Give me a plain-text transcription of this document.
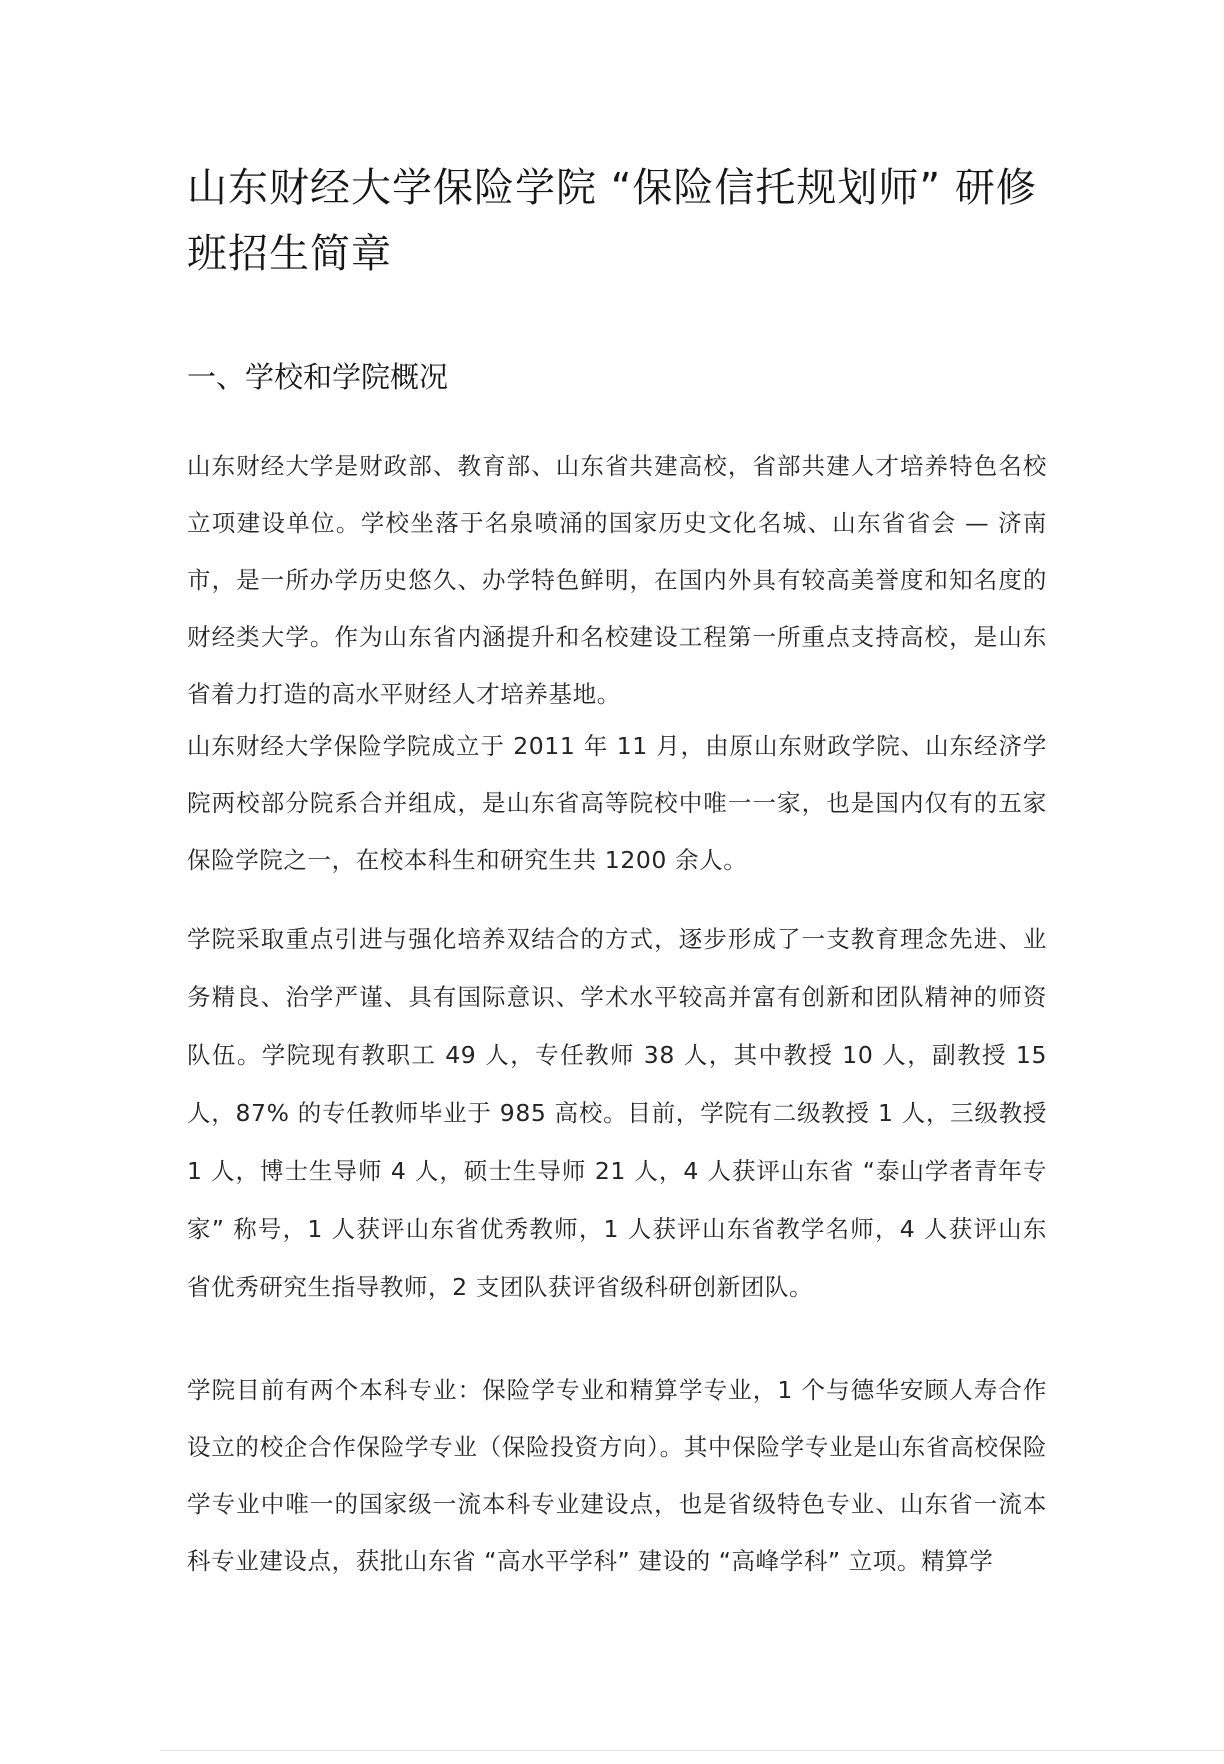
山东财经大学保险学院 “保险信托规划师” 研修班招生简章
一、学校和学院概况

山东财经大学是财政部、教育部、山东省共建高校，省部共建人才培养特色名校立项建设单位。学校坐落于名泉喷涌的国家历史文化名城、山东省省会 — 济南市，是一所办学历史悠久、办学特色鲜明，在国内外具有较高美誉度和知名度的财经类大学。作为山东省内涵提升和名校建设工程第一所重点支持高校，是山东省着力打造的高水平财经人才培养基地。

山东财经大学保险学院成立于 2011 年 11 月，由原山东财政学院、山东经济学院两校部分院系合并组成，是山东省高等院校中唯一一家，也是国内仅有的五家保险学院之一，在校本科生和研究生共 1200 余人。

学院采取重点引进与强化培养双结合的方式，逐步形成了一支教育理念先进、业务精良、治学严谨、具有国际意识、学术水平较高并富有创新和团队精神的师资队伍。学院现有教职工 49 人，专任教师 38 人，其中教授 10 人，副教授 15 人，87% 的专任教师毕业于 985 高校。目前，学院有二级教授 1 人，三级教授 1 人，博士生导师 4 人，硕士生导师 21 人，4 人获评山东省 “泰山学者青年专家” 称号，1 人获评山东省优秀教师，1 人获评山东省教学名师，4 人获评山东省优秀研究生指导教师，2 支团队获评省级科研创新团队。

学院目前有两个本科专业：保险学专业和精算学专业，1 个与德华安顾人寿合作设立的校企合作保险学专业（保险投资方向）。其中保险学专业是山东省高校保险学专业中唯一的国家级一流本科专业建设点，也是省级特色专业、山东省一流本科专业建设点，获批山东省 “高水平学科” 建设的 “高峰学科” 立项。精算学
